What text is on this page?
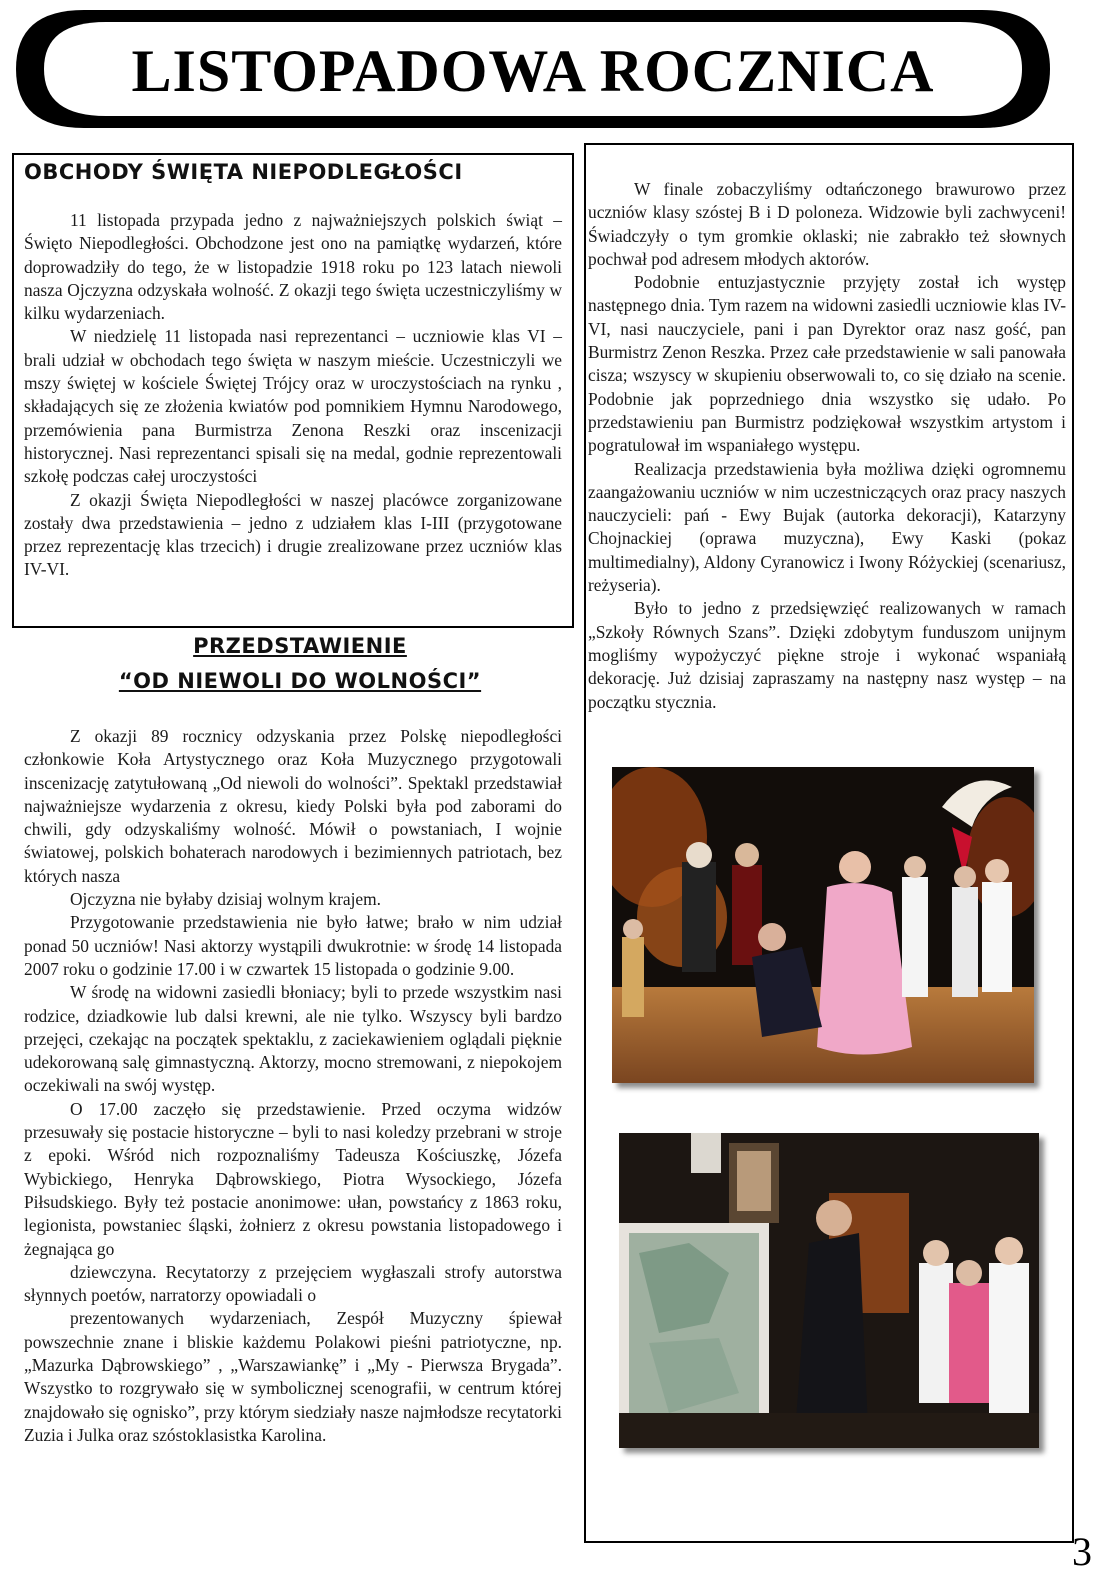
LISTOPADOWA ROCZNICA
OBCHODY ŚWIĘTA NIEPODLEGŁOŚCI

11 listopada przypada jedno z najważniejszych polskich świąt – Święto Niepodległości. Obchodzone jest ono na pamiątkę wydarzeń, które doprowadziły do tego, że w listopadzie 1918 roku po 123 latach niewoli nasza Ojczyzna odzyskała wolność. Z okazji tego święta uczestniczyliśmy w kilku wydarzeniach.

W niedzielę 11 listopada nasi reprezentanci – uczniowie klas VI – brali udział w obchodach tego święta w naszym mieście. Uczestniczyli we mszy świętej w kościele Świętej Trójcy oraz w uroczystościach na rynku , składających się ze złożenia kwiatów pod pomnikiem Hymnu Narodowego, przemówienia pana Burmistrza Zenona Reszki oraz inscenizacji historycznej. Nasi reprezentanci spisali się na medal, godnie reprezentowali szkołę podczas całej uroczystości

Z okazji Święta Niepodległości w naszej placówce zorganizowane zostały dwa przedstawienia – jedno z udziałem klas I-III (przygotowane przez reprezentację klas trzecich) i drugie zrealizowane przez uczniów klas IV-VI.

PRZEDSTAWIENIE
“OD NIEWOLI DO WOLNOŚCI”

Z okazji 89 rocznicy odzyskania przez Polskę niepodległości członkowie Koła Artystycznego oraz Koła Muzycznego przygotowali inscenizację zatytułowaną „Od niewoli do wolności”. Spektakl przedstawiał najważniejsze wydarzenia z okresu, kiedy Polski była pod zaborami do chwili, gdy odzyskaliśmy wolność. Mówił o powstaniach, I wojnie światowej, polskich bohaterach narodowych i bezimiennych patriotach, bez których nasza

Ojczyzna nie byłaby dzisiaj wolnym krajem.

Przygotowanie przedstawienia nie było łatwe; brało w nim udział ponad 50 uczniów! Nasi aktorzy wystąpili dwukrotnie: w środę 14 listopada 2007 roku o godzinie 17.00 i w czwartek 15 listopada o godzinie 9.00.

W środę na widowni zasiedli błoniacy; byli to przede wszystkim nasi rodzice, dziadkowie lub dalsi krewni, ale nie tylko. Wszyscy byli bardzo przejęci, czekając na początek spektaklu, z zaciekawieniem oglądali pięknie udekorowaną salę gimnastyczną. Aktorzy, mocno stremowani, z niepokojem oczekiwali na swój występ.

O 17.00 zaczęło się przedstawienie. Przed oczyma widzów przesuwały się postacie historyczne – byli to nasi koledzy przebrani w stroje z epoki. Wśród nich rozpoznaliśmy Tadeusza Kościuszkę, Józefa Wybickiego, Henryka Dąbrowskiego, Piotra Wysockiego, Józefa Piłsudskiego. Były też postacie anonimowe: ułan, powstańcy z 1863 roku, legionista, powstaniec śląski, żołnierz z okresu powstania listopadowego i żegnająca go

dziewczyna. Recytatorzy z przejęciem wygłaszali strofy autorstwa słynnych poetów, narratorzy opowiadali o

prezentowanych wydarzeniach, Zespół Muzyczny śpiewał powszechnie znane i bliskie każdemu Polakowi pieśni patriotyczne, np. „Mazurka Dąbrowskiego” , „Warszawiankę” i „My - Pierwsza Brygada”. Wszystko to rozgrywało się w symbolicznej scenografii, w centrum której znajdowało się ognisko”, przy którym siedziały nasze najmłodsze recytatorki Zuzia i Julka oraz szóstoklasistka Karolina.

W finale zobaczyliśmy odtańczonego brawurowo przez uczniów klasy szóstej B i D poloneza. Widzowie byli zachwyceni! Świadczyły o tym gromkie oklaski; nie zabrakło też słownych pochwał pod adresem młodych aktorów.

Podobnie entuzjastycznie przyjęty został ich występ następnego dnia. Tym razem na widowni zasiedli uczniowie klas IV-VI, nasi nauczyciele, pani i pan Dyrektor oraz nasz gość, pan Burmistrz Zenon Reszka. Przez całe przedstawienie w sali panowała cisza; wszyscy w skupieniu obserwowali to, co się działo na scenie. Podobnie jak poprzedniego dnia wszystko się udało. Po przedstawieniu pan Burmistrz podziękował wszystkim artystom i pogratulował im wspaniałego występu.

Realizacja przedstawienia była możliwa dzięki ogromnemu zaangażowaniu uczniów w nim uczestniczących oraz pracy naszych nauczycieli: pań - Ewy Bujak (autorka dekoracji), Katarzyny Chojnackiej (oprawa muzyczna), Ewy Kaski (pokaz multimedialny), Aldony Cyranowicz i Iwony Różyckiej (scenariusz, reżyseria).

Było to jedno z przedsięwzięć realizowanych w ramach „Szkoły Równych Szans”. Dzięki zdobytym funduszom unijnym mogliśmy wypożyczyć piękne stroje i wykonać wspaniałą dekorację. Już dzisiaj zapraszamy na następny nasz występ – na początku stycznia.

3
